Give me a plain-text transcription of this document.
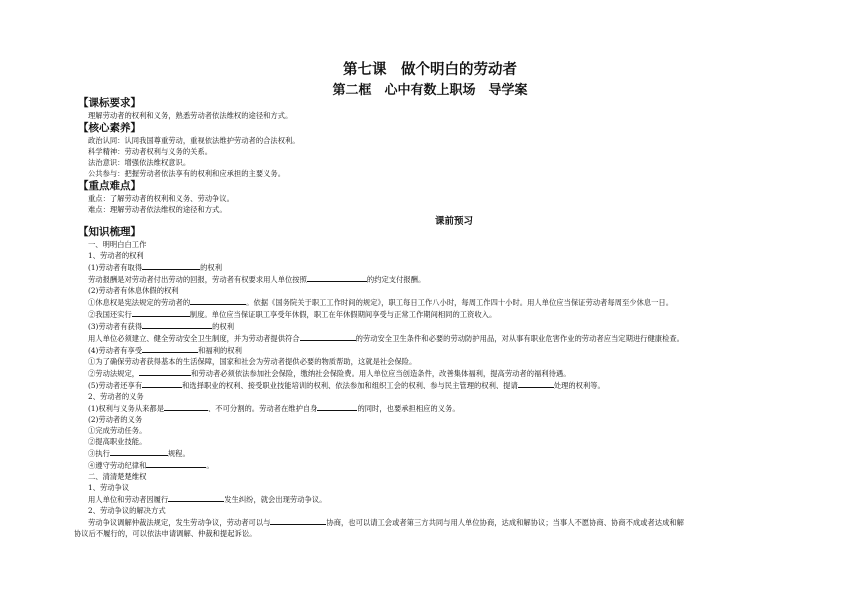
第七课　做个明白的劳动者
第二框　心中有数上职场　导学案
【课标要求】
理解劳动者的权利和义务，熟悉劳动者依法维权的途径和方式。
【核心素养】
政治认同：认同我国尊重劳动，重视依法维护劳动者的合法权利。
科学精神：劳动者权利与义务的关系。
法治意识：增强依法维权意识。
公共参与：把握劳动者依法享有的权利和应承担的主要义务。
【重点难点】
重点：了解劳动者的权利和义务、劳动争议。
难点：理解劳动者依法维权的途径和方式。
课前预习
【知识梳理】
一、明明白白工作
1、劳动者的权利
(1)劳动者有取得	的权利
劳动报酬是对劳动者付出劳动的回报，劳动者有权要求用人单位按照	的约定支付报酬。
(2)劳动者有休息休假的权利
①休息权是宪法规定的劳动者的	。依据《国务院关于职工工作时间的规定》，职工每日工作八小时，每周工作四十小时。用人单位应当保证劳动者每周至少休息一日。
②我国还实行	制度。单位应当保证职工享受年休假，职工在年休假期间享受与正常工作期间相同的工资收入。
(3)劳动者有获得	的权利
用人单位必须建立、健全劳动安全卫生制度，并为劳动者提供符合	的劳动安全卫生条件和必要的劳动防护用品，对从事有职业危害作业的劳动者应当定期进行健康检查。
(4)劳动者有享受	和福利的权利
①为了确保劳动者获得基本的生活保障，国家和社会为劳动者提供必要的物质帮助，这就是社会保险。
②劳动法规定，	和劳动者必须依法参加社会保险，缴纳社会保险费。用人单位应当创造条件，改善集体福利，提高劳动者的福利待遇。
(5)劳动者还享有	和选择职业的权利、接受职业技能培训的权利、依法参加和组织工会的权利、参与民主管理的权利、提请	处理的权利等。
2、劳动者的义务
(1)权利与义务从来都是	、不可分割的。劳动者在维护自身	的同时，也要承担相应的义务。
(2)劳动者的义务
①完成劳动任务。
②提高职业技能。
③执行	规程。
④遵守劳动纪律和	。
二、清清楚楚维权
1、劳动争议
用人单位和劳动者因履行	发生纠纷，就会出现劳动争议。
2、劳动争议的解决方式
劳动争议调解仲裁法规定，发生劳动争议，劳动者可以与	协商，也可以请工会或者第三方共同与用人单位协商，达成和解协议；当事人不愿协商、协商不成或者达成和解
协议后不履行的，可以依法申请调解、仲裁和提起诉讼。
